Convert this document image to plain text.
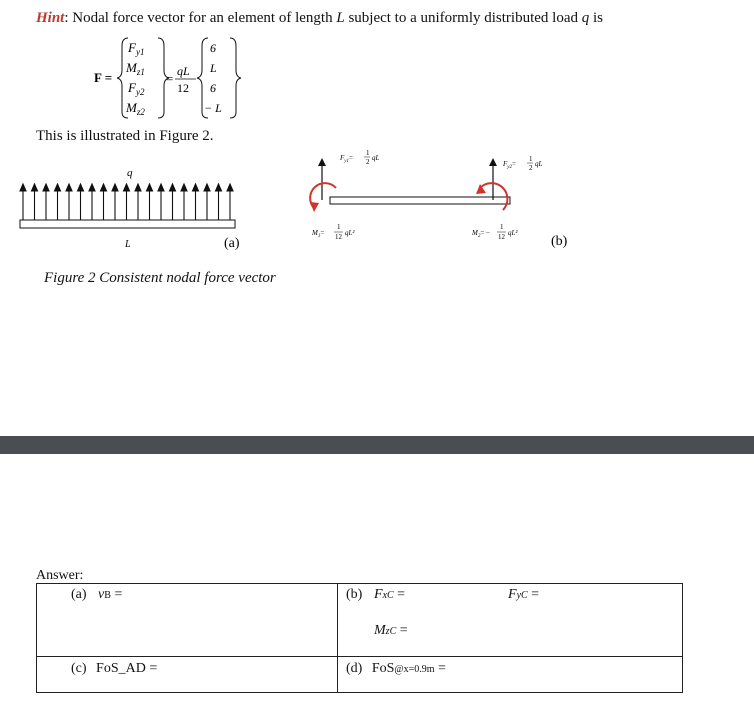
Hint: Nodal force vector for an element of length L subject to a uniformly distributed load q is
F =
$F_{y1}$
$M_{z1}$
$F_{y2}$
$M_{z2}$
= qL
12
6
L
6
− L
This is illustrated in Figure 2.
q
L	(a)
$F_{y1}=$
1
2 qL
$F_{y2}=$
1
2 qL
$M_1=$
1
12 qL²	$M_2=$ −
1
12 qL²
(b)
Figure 2 Consistent nodal force vector
Answer:
(a) vB =	(b) FxC = FyC =
MzC =

(c) FoS_AD =	(d) FoS@x=0.9m =
